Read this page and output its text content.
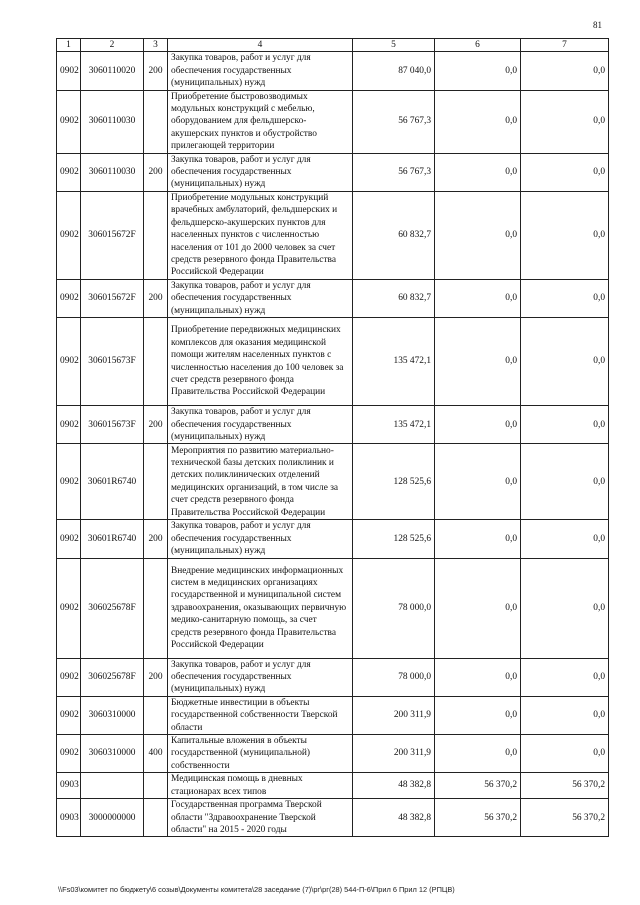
81
1	2	3	4	5	6	7
0902	3060110020	200	Закупка товаров, работ и услуг для обеспечения государственных (муниципальных) нужд	87 040,0	0,0	0,0
0902	3060110030		Приобретение быстровозводимых модульных конструкций с мебелью, оборудованием для фельдшерско-акушерских пунктов и обустройство прилегающей территории	56 767,3	0,0	0,0
0902	3060110030	200	Закупка товаров, работ и услуг для обеспечения государственных (муниципальных) нужд	56 767,3	0,0	0,0
0902	306015672F		Приобретение модульных конструкций врачебных амбулаторий, фельдшерских и фельдшерско-акушерских пунктов для населенных пунктов с численностью населения от 101 до 2000 человек за счет средств резервного фонда Правительства Российской Федерации	60 832,7	0,0	0,0
0902	306015672F	200	Закупка товаров, работ и услуг для обеспечения государственных (муниципальных) нужд	60 832,7	0,0	0,0
0902	306015673F		Приобретение передвижных медицинских комплексов для оказания медицинской помощи жителям населенных пунктов с численностью населения до 100 человек за счет средств резервного фонда Правительства Российской Федерации	135 472,1	0,0	0,0
0902	306015673F	200	Закупка товаров, работ и услуг для обеспечения государственных (муниципальных) нужд	135 472,1	0,0	0,0
0902	30601R6740		Мероприятия по развитию материально-технической базы детских поликлиник и детских поликлинических отделений медицинских организаций, в том числе за счет средств резервного фонда Правительства Российской Федерации	128 525,6	0,0	0,0
0902	30601R6740	200	Закупка товаров, работ и услуг для обеспечения государственных (муниципальных) нужд	128 525,6	0,0	0,0
0902	306025678F		Внедрение медицинских информационных систем в медицинских организациях государственной и муниципальной систем здравоохранения, оказывающих первичную медико-санитарную помощь, за счет средств резервного фонда Правительства Российской Федерации	78 000,0	0,0	0,0
0902	306025678F	200	Закупка товаров, работ и услуг для обеспечения государственных (муниципальных) нужд	78 000,0	0,0	0,0
0902	3060310000		Бюджетные инвестиции в объекты государственной собственности Тверской области	200 311,9	0,0	0,0
0902	3060310000	400	Капитальные вложения в объекты государственной (муниципальной) собственности	200 311,9	0,0	0,0
0903			Медицинская помощь в дневных стационарах всех типов	48 382,8	56 370,2	56 370,2
0903	3000000000		Государственная программа Тверской области "Здравоохранение Тверской области" на 2015 - 2020 годы	48 382,8	56 370,2	56 370,2
\\Fs03\комитет по бюджету\6 созыв\Документы комитета\28 заседание (7)\рг\рг(28) 544-П-6\Прил 6 Прил 12 (РПЦВ)
